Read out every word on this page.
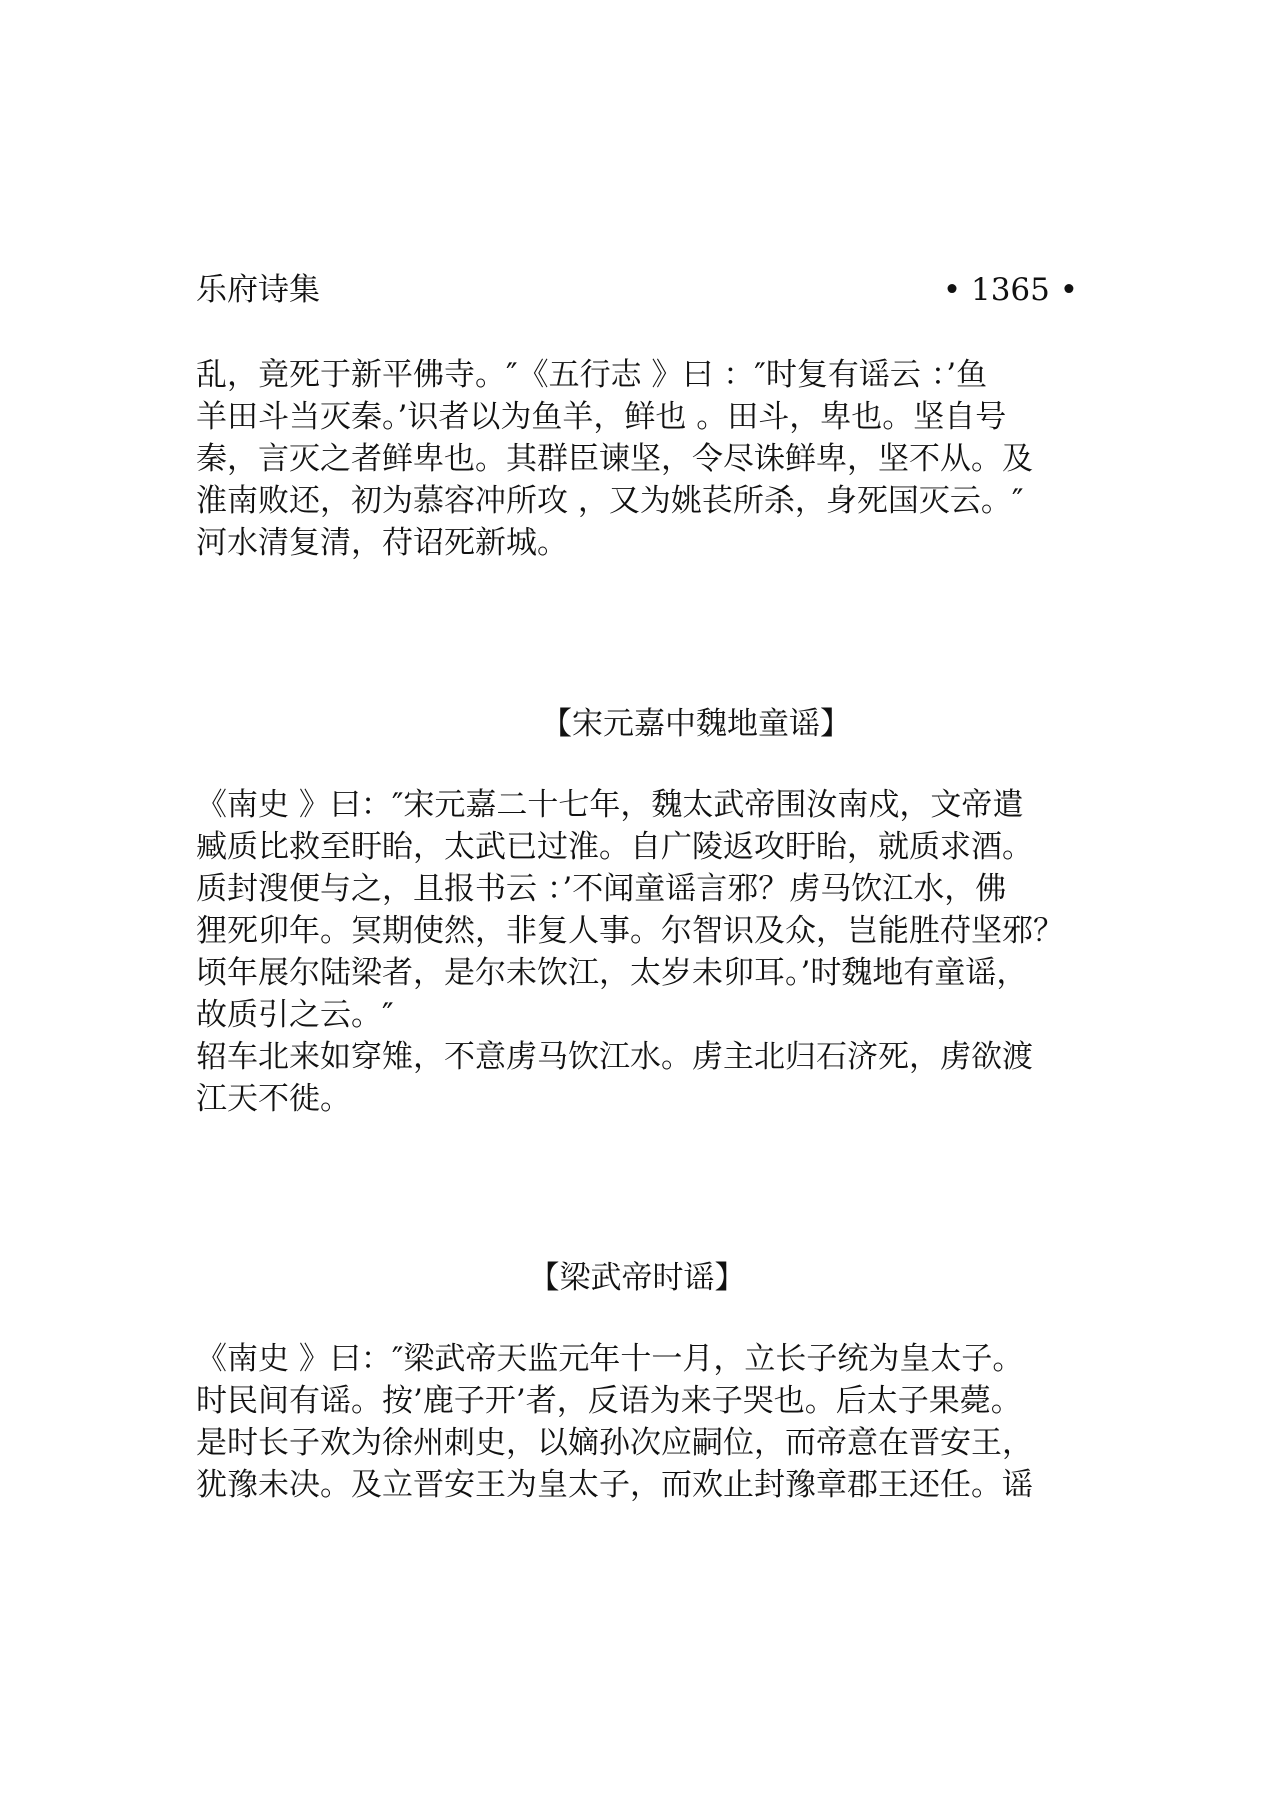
乐府诗集	• 1365 •
乱，竟死于新平佛寺。″《五行志 》曰 ：″时复有谣云 ：’鱼
羊田斗当灭秦。’识者以为鱼羊，鲜也 。田斗，卑也。坚自号
秦，言灭之者鲜卑也。其群臣谏坚，令尽诛鲜卑，坚不从。及
淮南败还，初为慕容冲所攻 ，又为姚苌所杀，身死国灭云。″
河水清复清，苻诏死新城。
【宋元嘉中魏地童谣】
《南史 》曰：″宋元嘉二十七年，魏太武帝围汝南戍，文帝遣
臧质比救至盱眙，太武已过淮。自广陵返攻盱眙，就质求酒。
质封溲便与之，且报书云 ：’不闻童谣言邪？虏马饮江水，佛
狸死卯年。冥期使然，非复人事。尔智识及众，岂能胜苻坚邪？
顷年展尔陆梁者，是尔未饮江，太岁未卯耳。’时魏地有童谣，
故质引之云。″
轺车北来如穿雉，不意虏马饮江水。虏主北归石济死，虏欲渡
江天不徙。
【梁武帝时谣】
《南史 》曰：″梁武帝天监元年十一月，立长子统为皇太子。
时民间有谣。按’鹿子开’者，反语为来子哭也。后太子果薨。
是时长子欢为徐州刺史，以嫡孙次应嗣位，而帝意在晋安王，
犹豫未决。及立晋安王为皇太子，而欢止封豫章郡王还任。谣
